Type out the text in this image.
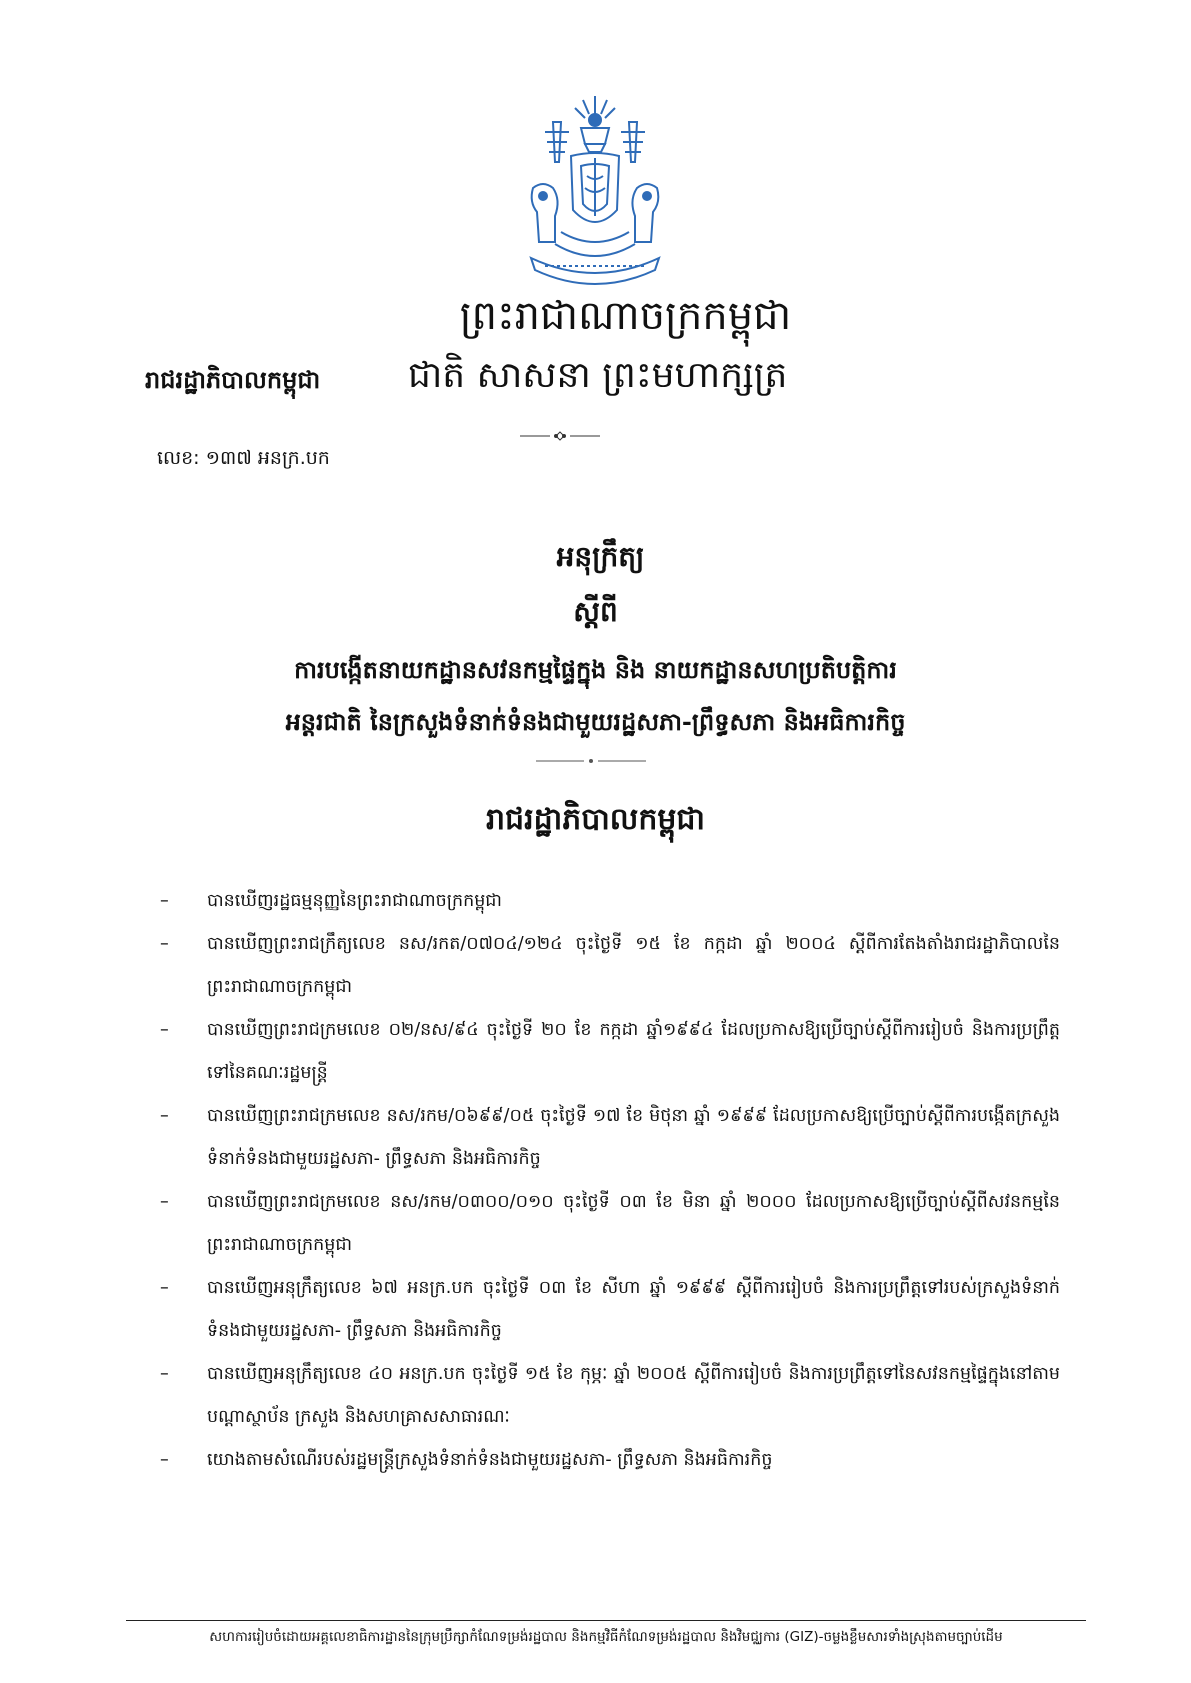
ព្រះរាជាណាចក្រកម្ពុជា
រាជរដ្ឋាភិបាលកម្ពុជា ជាតិ សាសនា ព្រះមហាក្សត្រ
លេខ: ១៣៧ អនក្រ.បក
អនុក្រឹត្យ
ស្ដីពី
ការបង្កើតនាយកដ្ឋានសវនកម្មផ្ទៃក្នុង និង នាយកដ្ឋានសហប្រតិបត្តិការ
អន្តរជាតិ នៃក្រសួងទំនាក់ទំនងជាមួយរដ្ឋសភា-ព្រឹទ្ធសភា និងអធិការកិច្ច
រាជរដ្ឋាភិបាលកម្ពុជា
– បានឃើញរដ្ឋធម្មនុញ្ញនៃព្រះរាជាណាចក្រកម្ពុជា
– បានឃើញព្រះរាជក្រឹត្យលេខ នស/រកត/០៧០៤/១២៤ ចុះថ្ងៃទី ១៥ ខែ កក្កដា ឆ្នាំ ២០០៤ ស្ដីពីការតែងតាំងរាជរដ្ឋាភិបាលនៃព្រះរាជាណាចក្រកម្ពុជា
– បានឃើញព្រះរាជក្រមលេខ ០២/នស/៩៤ ចុះថ្ងៃទី ២០ ខែ កក្កដា ឆ្នាំ១៩៩៤ ដែលប្រកាសឱ្យប្រើច្បាប់ស្ដីពីការរៀបចំ និងការប្រព្រឹត្តទៅនៃគណៈរដ្ឋមន្ត្រី
– បានឃើញព្រះរាជក្រមលេខ នស/រកម/០៦៩៩/០៥ ចុះថ្ងៃទី ១៧ ខែ មិថុនា ឆ្នាំ ១៩៩៩ ដែលប្រកាសឱ្យប្រើច្បាប់ស្ដីពីការបង្កើតក្រសួងទំនាក់ទំនងជាមួយរដ្ឋសភា- ព្រឹទ្ធសភា និងអធិការកិច្ច
– បានឃើញព្រះរាជក្រមលេខ នស/រកម/០៣០០/០១០ ចុះថ្ងៃទី ០៣ ខែ មិនា ឆ្នាំ ២០០០ ដែលប្រកាសឱ្យប្រើច្បាប់ស្ដីពីសវនកម្មនៃព្រះរាជាណាចក្រកម្ពុជា
– បានឃើញអនុក្រឹត្យលេខ ៦៧ អនក្រ.បក ចុះថ្ងៃទី ០៣ ខែ សីហា ឆ្នាំ ១៩៩៩ ស្ដីពីការរៀបចំ និងការប្រព្រឹត្តទៅរបស់ក្រសួងទំនាក់ទំនងជាមួយរដ្ឋសភា- ព្រឹទ្ធសភា និងអធិការកិច្ច
– បានឃើញអនុក្រឹត្យលេខ ៤០ អនក្រ.បក ចុះថ្ងៃទី ១៥ ខែ កុម្ភៈ ឆ្នាំ ២០០៥ ស្ដីពីការរៀបចំ និងការប្រព្រឹត្តទៅនៃសវនកម្មផ្ទៃក្នុងនៅតាមបណ្ដាស្ថាប័ន ក្រសួង និងសហគ្រាសសាធារណៈ
– យោងតាមសំណើរបស់រដ្ឋមន្ត្រីក្រសួងទំនាក់ទំនងជាមួយរដ្ឋសភា- ព្រឹទ្ធសភា និងអធិការកិច្ច
សហការរៀបចំដោយអគ្គលេខាធិការដ្ឋាននៃក្រុមប្រឹក្សាកំណែទម្រង់រដ្ឋបាល និងកម្មវិធីកំណែទម្រង់រដ្ឋបាល និងវិមជ្ឈការ (GIZ)-ចម្លងខ្លឹមសារទាំងស្រុងតាមច្បាប់ដើម
